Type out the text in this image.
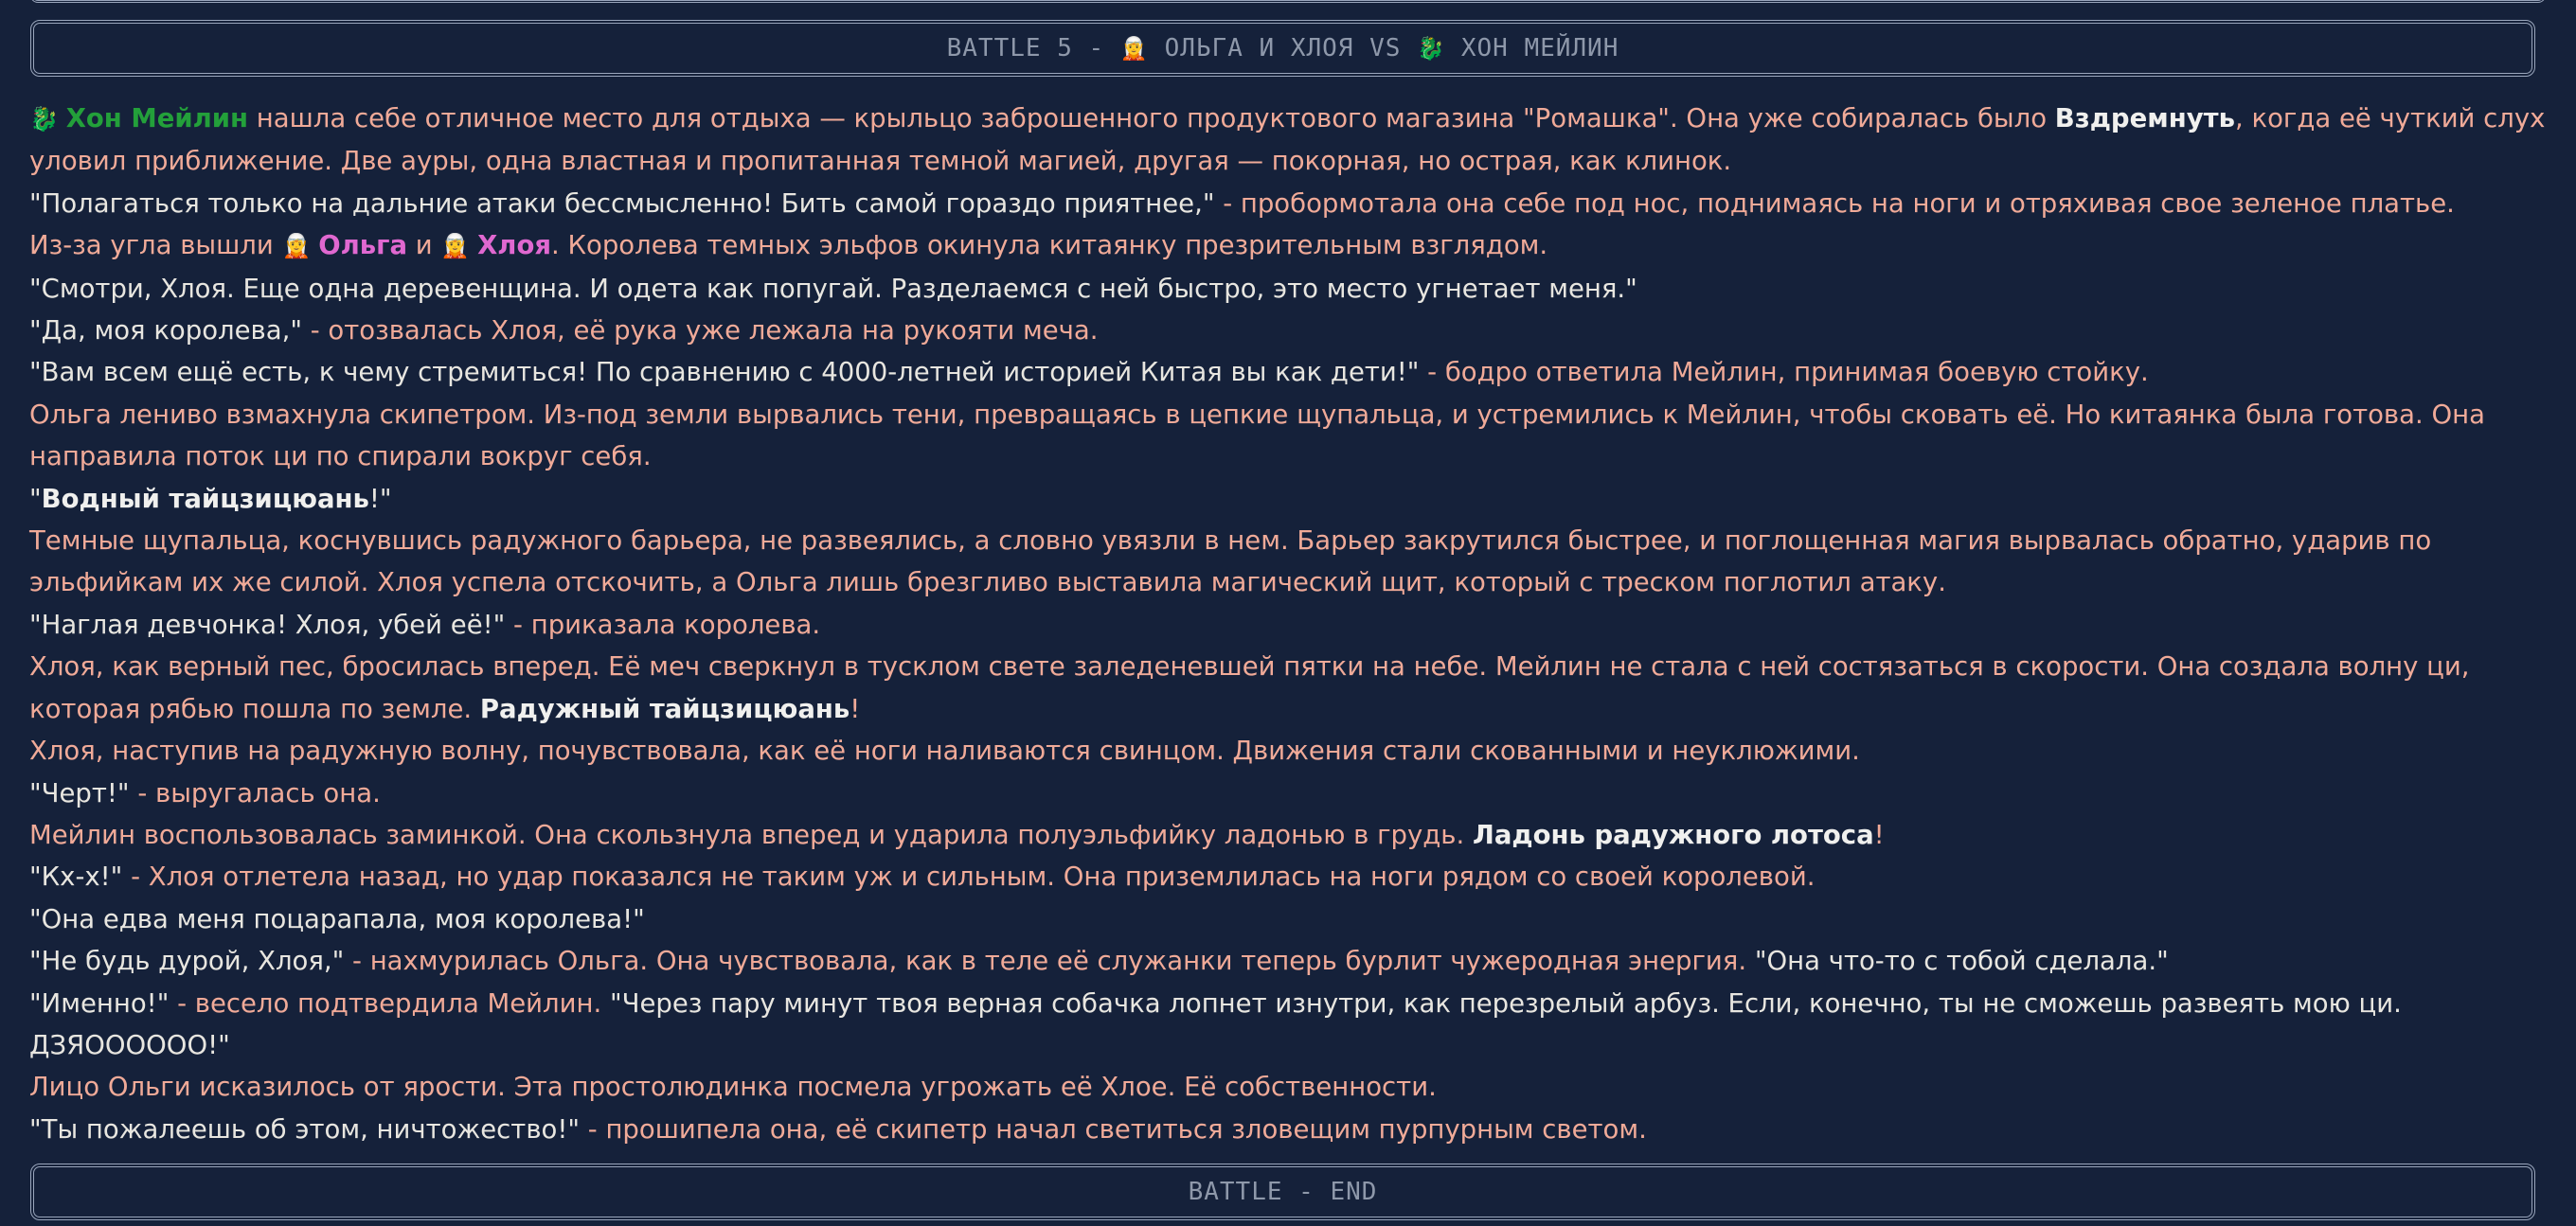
BATTLE 5 - 🧝 ОЛЬГА И ХЛОЯ VS 🐉 ХОН МЕЙЛИН

🐉 Хон Мейлин нашла себе отличное место для отдыха — крыльцо заброшенного продуктового магазина "Ромашка". Она уже собиралась было Вздремнуть, когда её чуткий слух уловил приближение. Две ауры, одна властная и пропитанная темной магией, другая — покорная, но острая, как клинок.

"Полагаться только на дальние атаки бессмысленно! Бить самой гораздо приятнее," - пробормотала она себе под нос, поднимаясь на ноги и отряхивая свое зеленое платье.

Из-за угла вышли 🧝 Ольга и 🧝 Хлоя. Королева темных эльфов окинула китаянку презрительным взглядом.

"Смотри, Хлоя. Еще одна деревенщина. И одета как попугай. Разделаемся с ней быстро, это место угнетает меня."

"Да, моя королева," - отозвалась Хлоя, её рука уже лежала на рукояти меча.

"Вам всем ещё есть, к чему стремиться! По сравнению с 4000-летней историей Китая вы как дети!" - бодро ответила Мейлин, принимая боевую стойку.

Ольга лениво взмахнула скипетром. Из-под земли вырвались тени, превращаясь в цепкие щупальца, и устремились к Мейлин, чтобы сковать её. Но китаянка была готова. Она направила поток ци по спирали вокруг себя.

"Водный тайцзицюань!"

Темные щупальца, коснувшись радужного барьера, не развеялись, а словно увязли в нем. Барьер закрутился быстрее, и поглощенная магия вырвалась обратно, ударив по эльфийкам их же силой. Хлоя успела отскочить, а Ольга лишь брезгливо выставила магический щит, который с треском поглотил атаку.

"Наглая девчонка! Хлоя, убей её!" - приказала королева.

Хлоя, как верный пес, бросилась вперед. Её меч сверкнул в тусклом свете заледеневшей пятки на небе. Мейлин не стала с ней состязаться в скорости. Она создала волну ци, которая рябью пошла по земле. Радужный тайцзицюань!

Хлоя, наступив на радужную волну, почувствовала, как её ноги наливаются свинцом. Движения стали скованными и неуклюжими.

"Черт!" - выругалась она.

Мейлин воспользовалась заминкой. Она скользнула вперед и ударила полуэльфийку ладонью в грудь. Ладонь радужного лотоса!

"Кх-х!" - Хлоя отлетела назад, но удар показался не таким уж и сильным. Она приземлилась на ноги рядом со своей королевой.

"Она едва меня поцарапала, моя королева!"

"Не будь дурой, Хлоя," - нахмурилась Ольга. Она чувствовала, как в теле её служанки теперь бурлит чужеродная энергия. "Она что-то с тобой сделала."

"Именно!" - весело подтвердила Мейлин. "Через пару минут твоя верная собачка лопнет изнутри, как перезрелый арбуз. Если, конечно, ты не сможешь развеять мою ци. ДЗЯОООООО!"

Лицо Ольги исказилось от ярости. Эта простолюдинка посмела угрожать её Хлое. Её собственности.

"Ты пожалеешь об этом, ничтожество!" - прошипела она, её скипетр начал светиться зловещим пурпурным светом.

BATTLE - END
